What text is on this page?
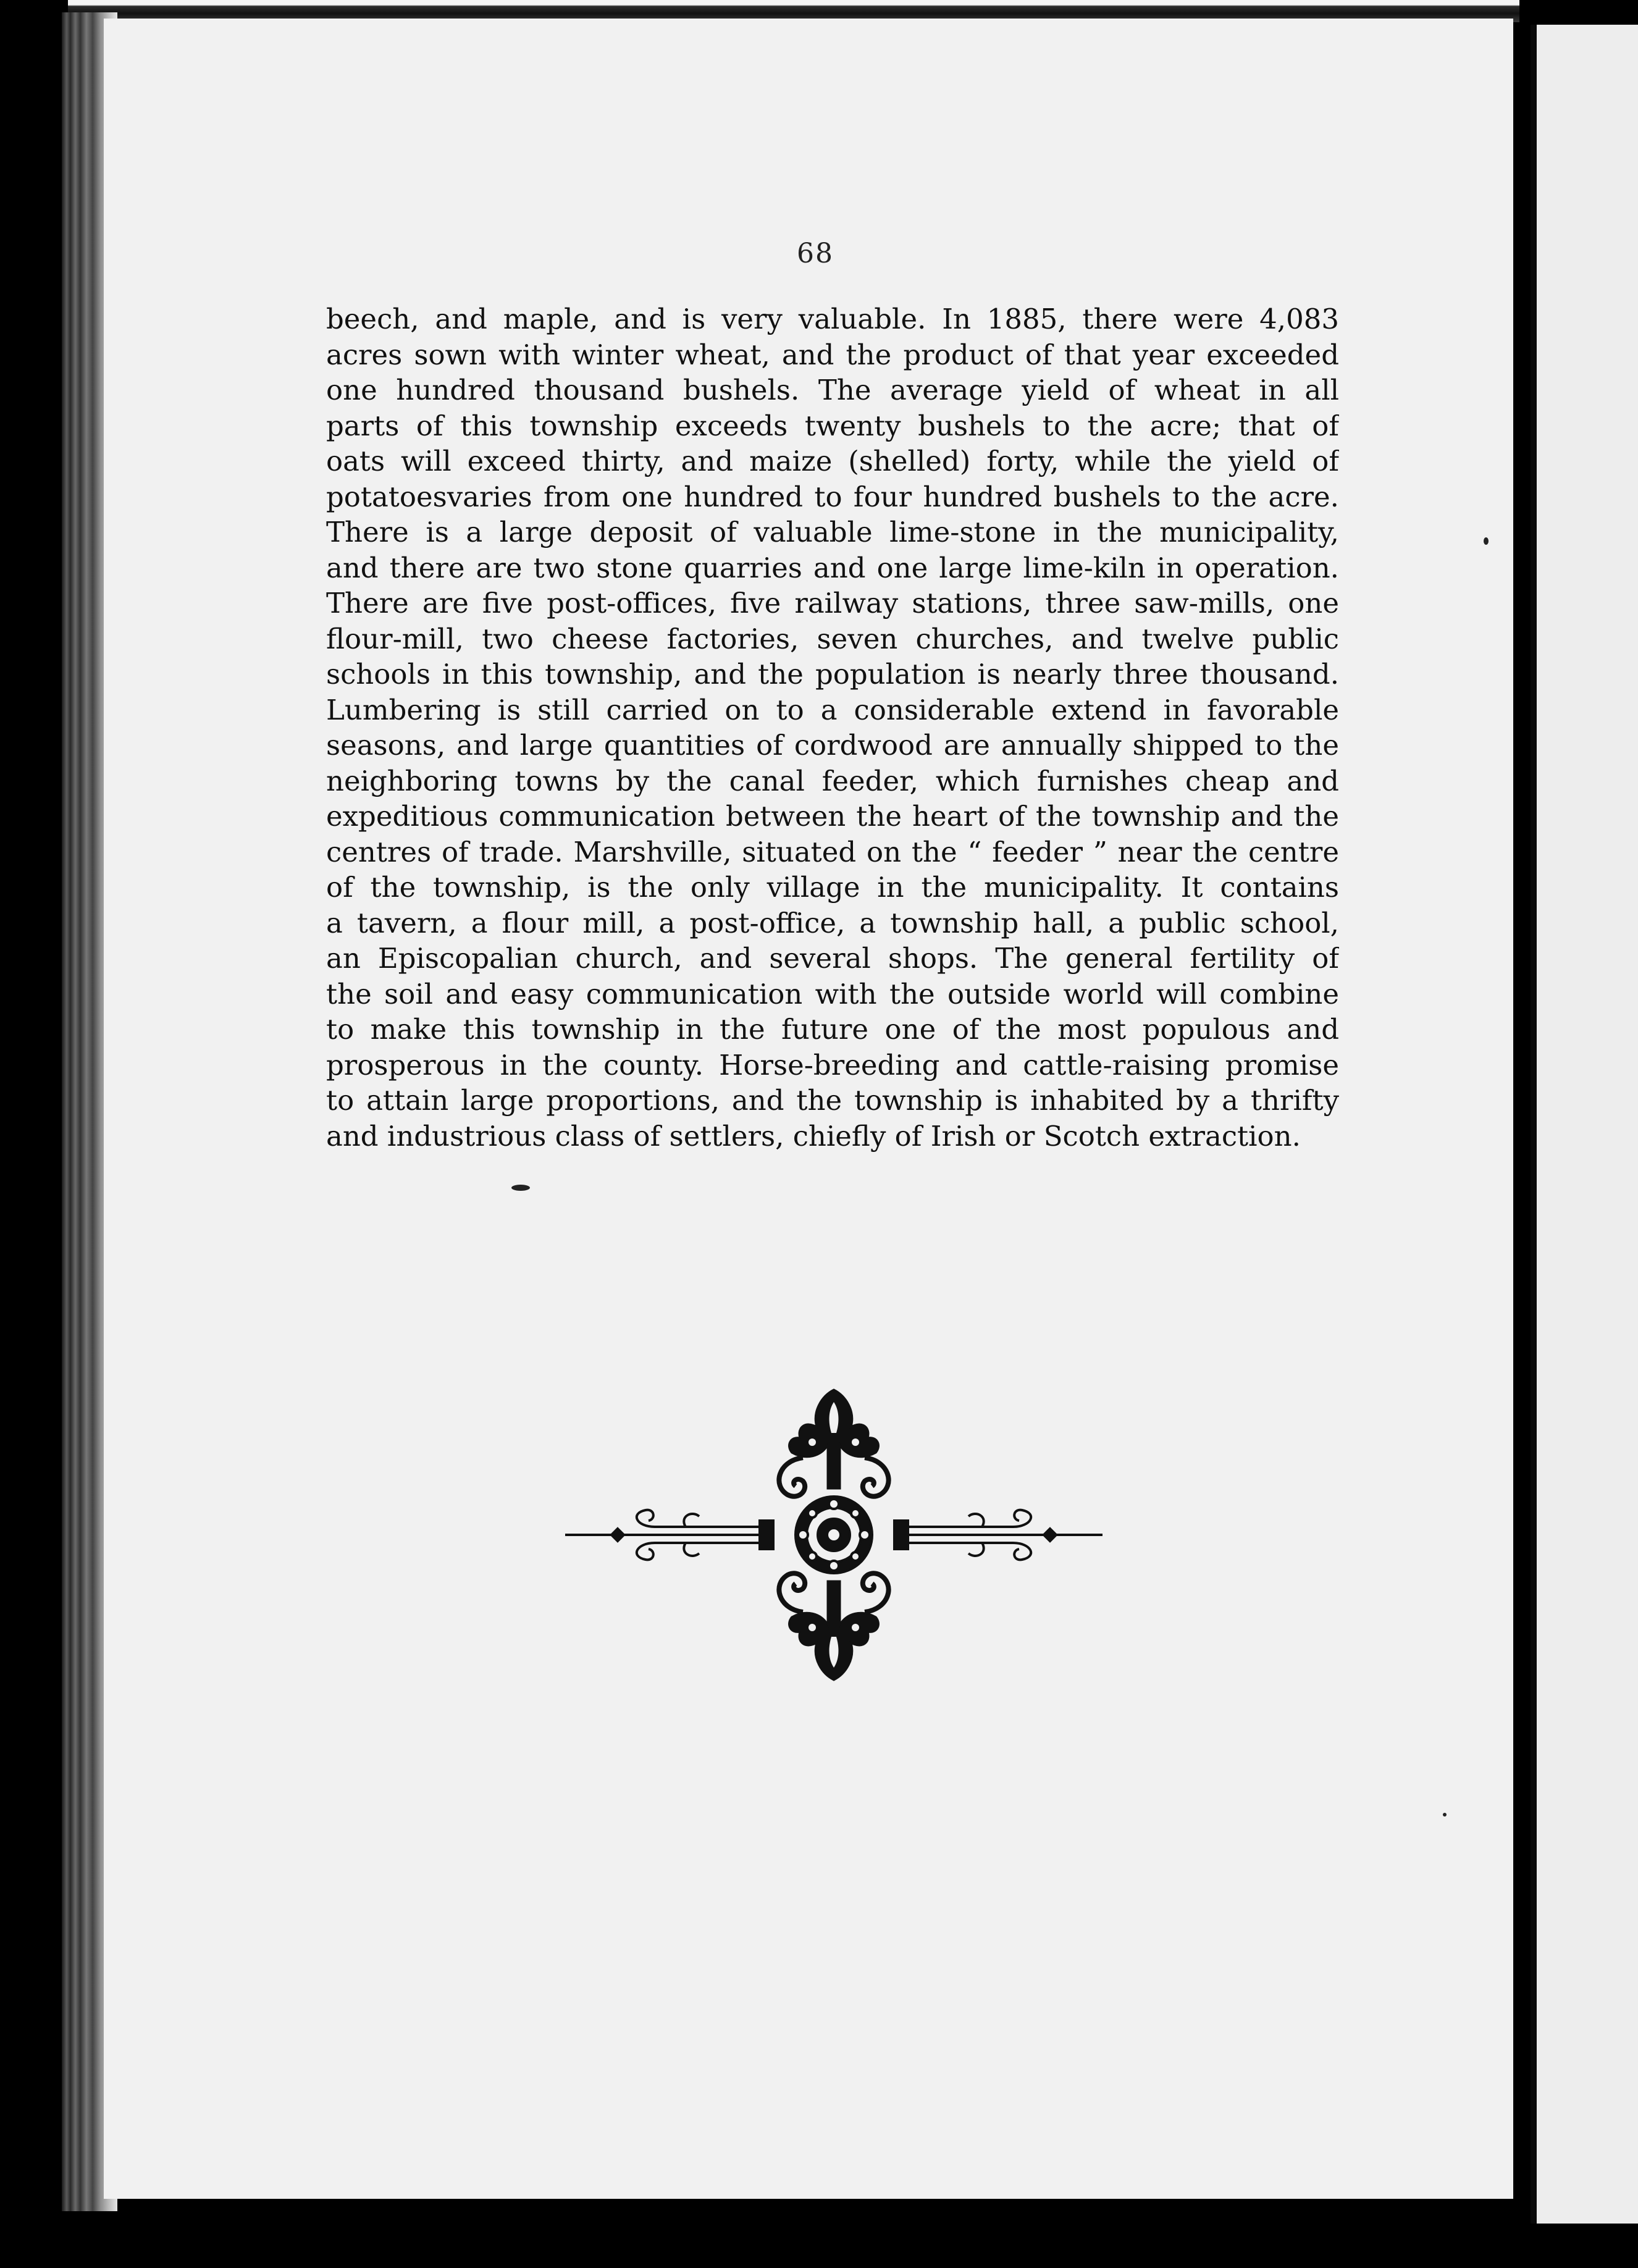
68
beech, and maple, and is very valuable. In 1885, there were 4,083
acres sown with winter wheat, and the product of that year exceeded
one hundred thousand bushels. The average yield of wheat in all
parts of this township exceeds twenty bushels to the acre; that of
oats will exceed thirty, and maize (shelled) forty, while the yield of
potatoesvaries from one hundred to four hundred bushels to the acre.
There is a large deposit of valuable lime-stone in the municipality,
and there are two stone quarries and one large lime-kiln in operation.
There are five post-offices, five railway stations, three saw-mills, one
flour-mill, two cheese factories, seven churches, and twelve public
schools in this township, and the population is nearly three thousand.
Lumbering is still carried on to a considerable extend in favorable
seasons, and large quantities of cordwood are annually shipped to the
neighboring towns by the canal feeder, which furnishes cheap and
expeditious communication between the heart of the township and the
centres of trade. Marshville, situated on the “ feeder ” near the centre
of the township, is the only village in the municipality. It contains
a tavern, a flour mill, a post-office, a township hall, a public school,
an Episcopalian church, and several shops. The general fertility of
the soil and easy communication with the outside world will combine
to make this township in the future one of the most populous and
prosperous in the county. Horse-breeding and cattle-raising promise
to attain large proportions, and the township is inhabited by a thrifty
and industrious class of settlers, chiefly of Irish or Scotch extraction.
